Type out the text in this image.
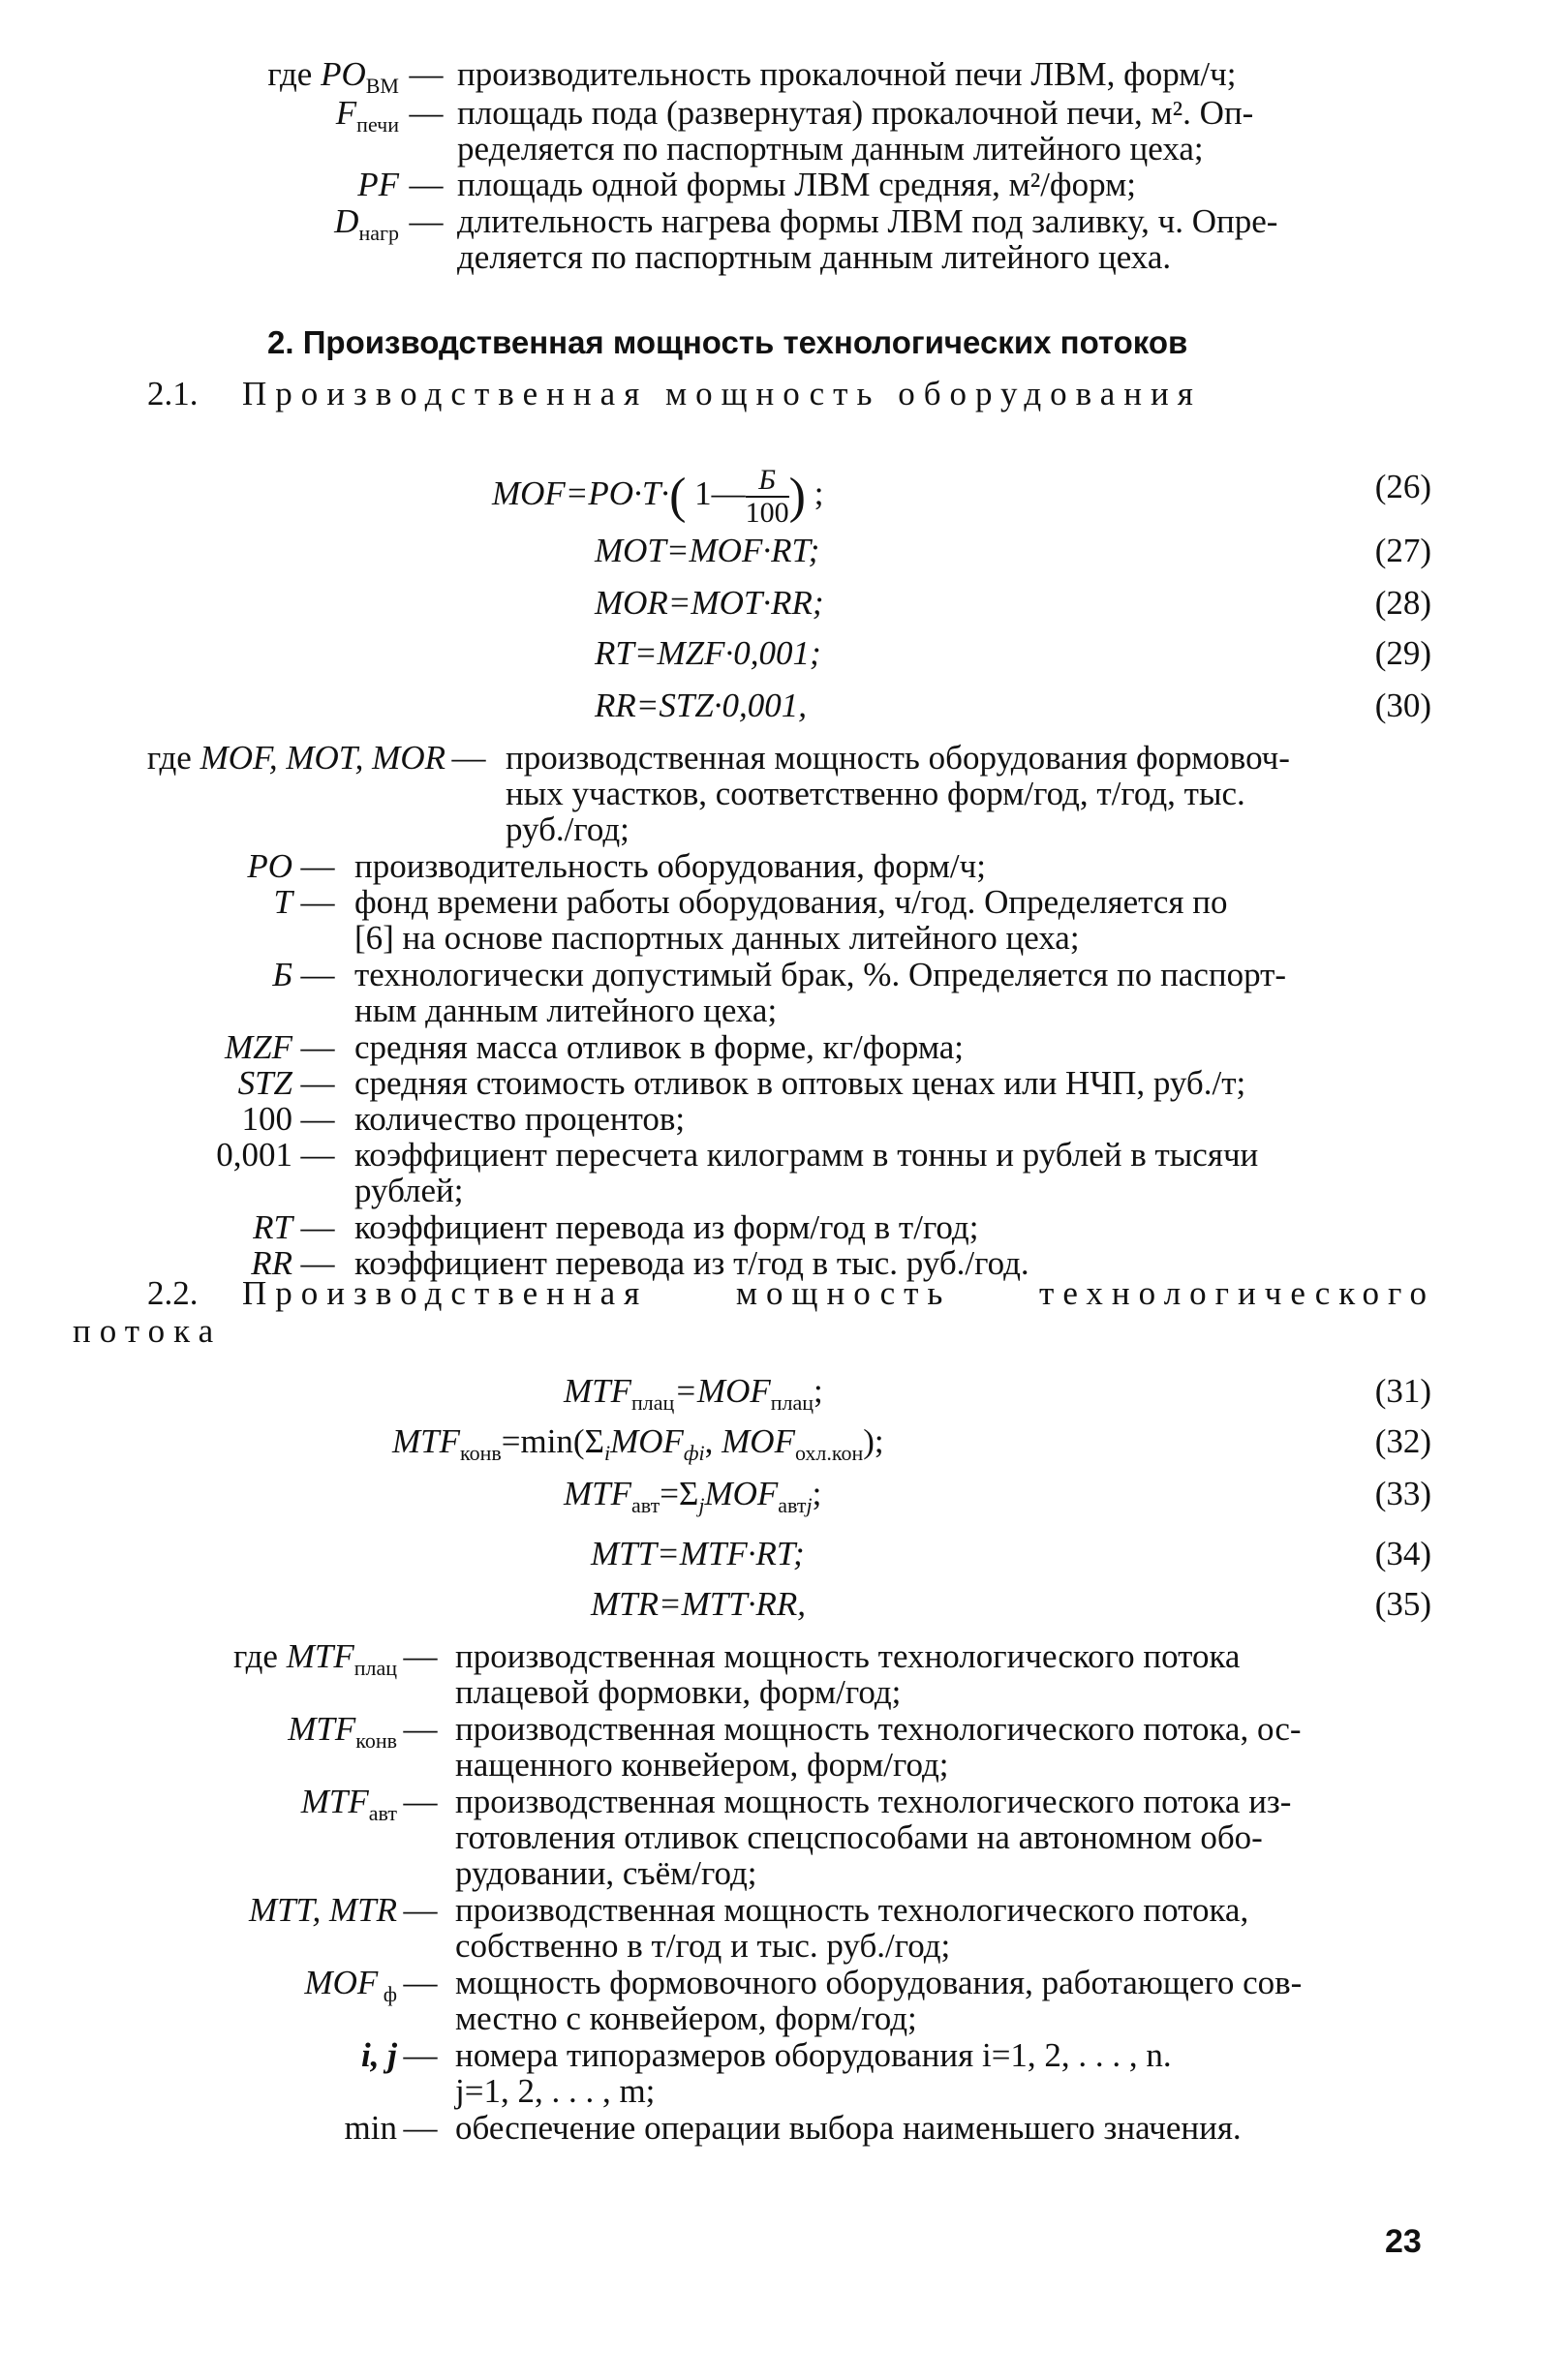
где $PO_{ВМ}$ — производительность прокалочной печи ЛВМ, форм/ч;
$F_{печи}$ — площадь пода (развернутая) прокалочной печи, м². Оп-
ределяется по паспортным данным литейного цеха;
PF — площадь одной формы ЛВМ средняя, м²/форм;
$D_{нагр}$ — длительность нагрева формы ЛВМ под заливку, ч. Опре-
деляется по паспортным данным литейного цеха.
2. Производственная мощность технологических потоков
2.1. Производственная мощность оборудования
MOF=PO·T·( 1— Б
100 ) ;	(26)
MOT=MOF·RT;	(27)
MOR=MOT·RR;	(28)
RT=MZF·0,001;	(29)
RR=STZ·0,001,	(30)
где MOF, MOT, MOR — производственная мощность оборудования формовоч-
ных участков, соответственно форм/год, т/год, тыс.
руб./год;
PO — производительность оборудования, форм/ч;
T — фонд времени работы оборудования, ч/год. Определяется по
[6] на основе паспортных данных литейного цеха;
Б — технологически допустимый брак, %. Определяется по паспорт-
ным данным литейного цеха;
MZF — средняя масса отливок в форме, кг/форма;
STZ — средняя стоимость отливок в оптовых ценах или НЧП, руб./т;
100 — количество процентов;
0,001 — коэффициент пересчета килограмм в тонны и рублей в тысячи
рублей;
RT — коэффициент перевода из форм/год в т/год;
RR — коэффициент перевода из т/год в тыс. руб./год.
2.2. Производственная мощность технологического
потока
$MTF_{плац}=MOF_{плац}$;	(31)
$MTF_{конв}=\min(\Sigma_iMOF_{фi}$, $MOF_{охл.кон}$);	(32)
$MTF_{авт}=\Sigma_jMOF_{автj}$;	(33)
MTT=MTF·RT;	(34)
MTR=MTT·RR,	(35)
где $MTF_{плац}$ — производственная мощность технологического потока
плацевой формовки, форм/год;
$MTF_{конв}$ — производственная мощность технологического потока, ос-
нащенного конвейером, форм/год;
$MTF_{авт}$ — производственная мощность технологического потока из-
готовления отливок спецспособами на автономном обо-
рудовании, съём/год;
MTT, MTR — производственная мощность технологического потока,
собственно в т/год и тыс. руб./год;
MOF $_ф$ — мощность формовочного оборудования, работающего сов-
местно с конвейером, форм/год;
i, j — номера типоразмеров оборудования i=1, 2, . . . , n.
j=1, 2, . . . , m;
min — обеспечение операции выбора наименьшего значения.
23
